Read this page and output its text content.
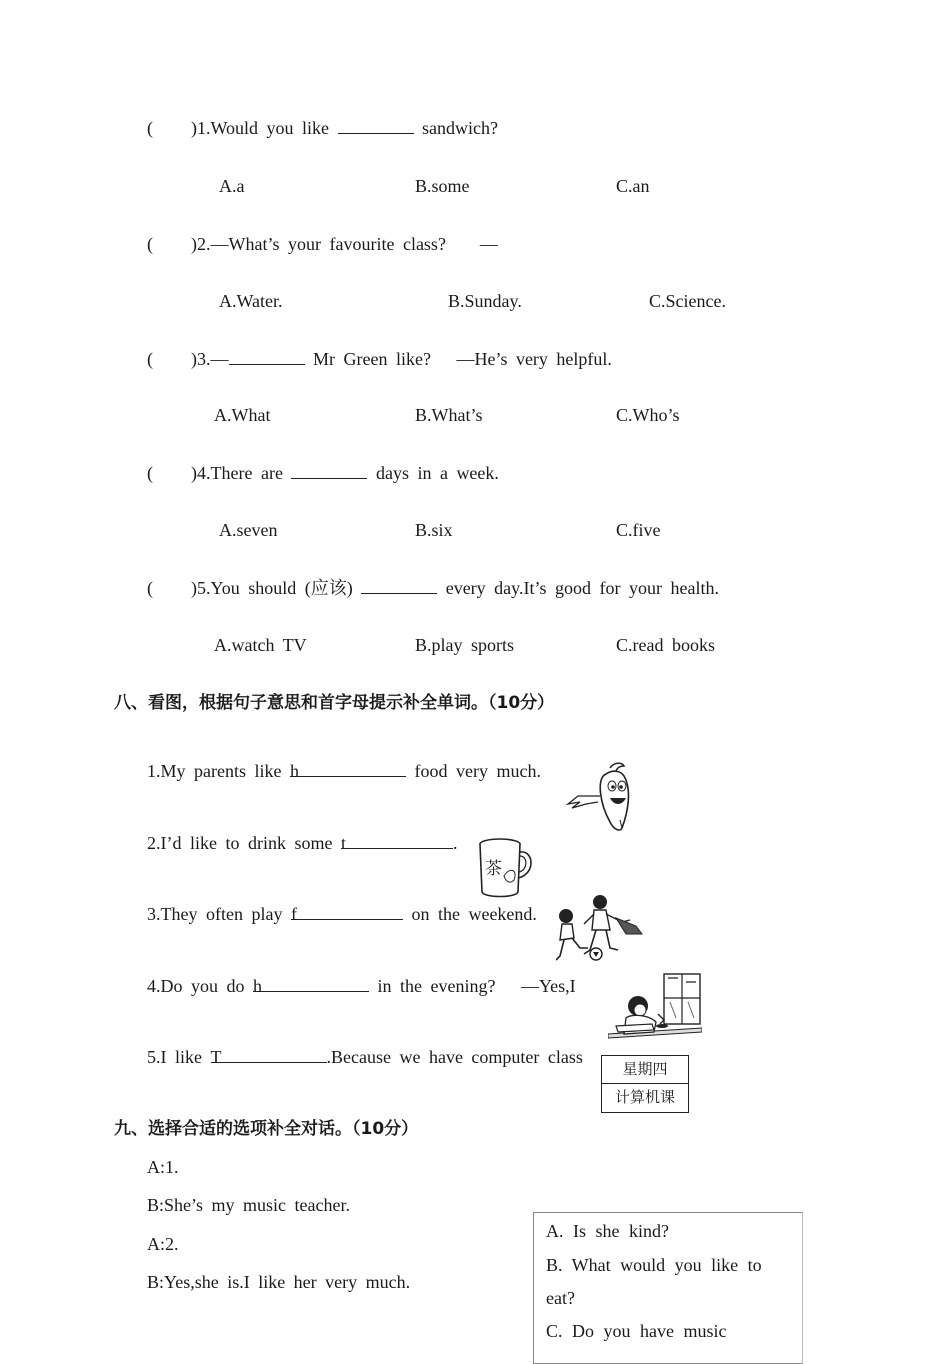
( )1.Would you like	sandwich?
A.a	B.some	C.an
( )2.—What’s your favourite class?    —
A.Water.	B.Sunday.	C.Science.
( )3.—	Mr Green like?   —He’s very helpful.
A.What	B.What’s	C.Who’s
( )4.There are	days in a week.
A.seven	B.six	C.five
( )5.You should (应该)	every day.It’s good for your health.
A.watch TV	B.play sports	C.read books
八、看图，根据句子意思和首字母提示补全单词。（10分）
1.My parents like h	food very much.
2.I’d like to drink some t	.
3.They often play f	on the weekend.
4.Do you do h	in the evening?   —Yes,I
5.I like T	.Because we have computer class
茶
星期四
计算机课
九、选择合适的选项补全对话。（10分）
A:1.
B:She’s my music teacher.
A:2.
B:Yes,she is.I like her very much.
A. Is she kind?
B. What would you like to
eat?
C. Do you have music
